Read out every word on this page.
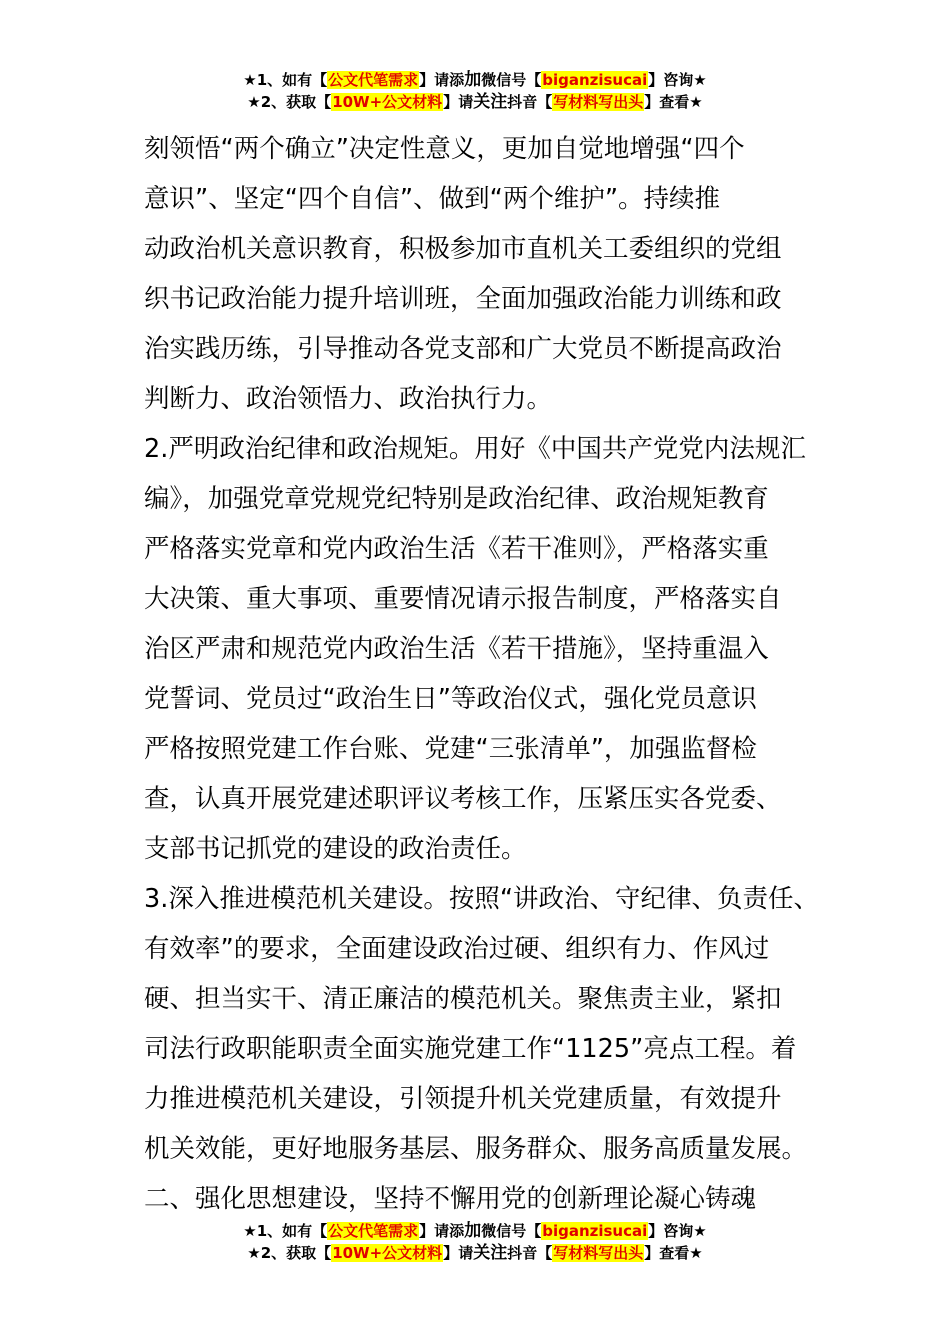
★1、如有【公文代笔需求】请添加微信号【biganzisucai】咨询★
★2、获取【10W+公文材料】请关注抖音【写材料写出头】查看★
刻领悟“两个确立”决定性意义，更加自觉地增强“四个
意识”、坚定“四个自信”、做到“两个维护”。持续推
动政治机关意识教育，积极参加市直机关工委组织的党组
织书记政治能力提升培训班，全面加强政治能力训练和政
治实践历练，引导推动各党支部和广大党员不断提高政治
判断力、政治领悟力、政治执行力。
2.严明政治纪律和政治规矩。用好《中国共产党党内法规汇
编》，加强党章党规党纪特别是政治纪律、政治规矩教育
严格落实党章和党内政治生活《若干准则》，严格落实重
大决策、重大事项、重要情况请示报告制度，严格落实自
治区严肃和规范党内政治生活《若干措施》，坚持重温入
党誓词、党员过“政治生日”等政治仪式，强化党员意识
严格按照党建工作台账、党建“三张清单”，加强监督检
查，认真开展党建述职评议考核工作，压紧压实各党委、
支部书记抓党的建设的政治责任。
3.深入推进模范机关建设。按照“讲政治、守纪律、负责任、
有效率”的要求，全面建设政治过硬、组织有力、作风过
硬、担当实干、清正廉洁的模范机关。聚焦责主业，紧扣
司法行政职能职责全面实施党建工作“1125”亮点工程。着
力推进模范机关建设，引领提升机关党建质量，有效提升
机关效能，更好地服务基层、服务群众、服务高质量发展。
二、强化思想建设，坚持不懈用党的创新理论凝心铸魂
★1、如有【公文代笔需求】请添加微信号【biganzisucai】咨询★
★2、获取【10W+公文材料】请关注抖音【写材料写出头】查看★
